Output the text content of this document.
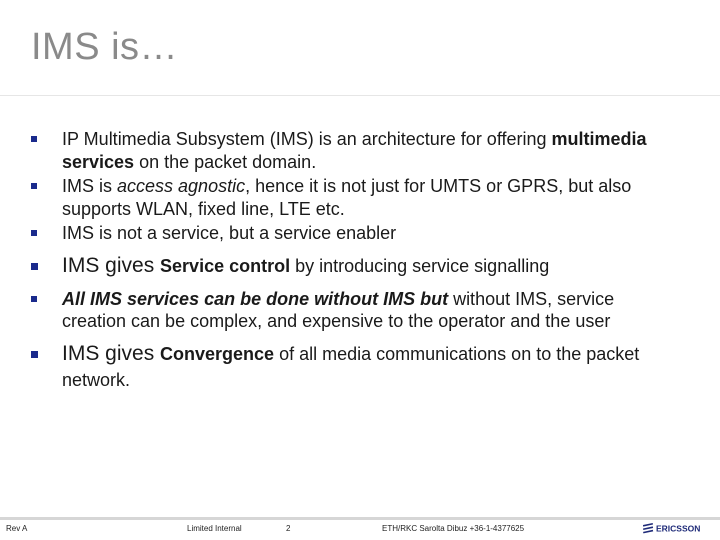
IMS is…
IP Multimedia Subsystem (IMS) is an architecture for offering multimedia services on the packet domain.
IMS is access agnostic, hence it is not just for UMTS or GPRS, but also supports WLAN, fixed line, LTE etc.
IMS is not a service, but a service enabler
IMS gives Service control by introducing service signalling
All IMS services can be done without IMS but without IMS, service creation can be complex, and expensive to the operator and the user
IMS gives Convergence of all media communications on to the packet network.
Rev A	Limited Internal	2	ETH/RKC Sarolta Dibuz +36-1-4377625	ERICSSON
